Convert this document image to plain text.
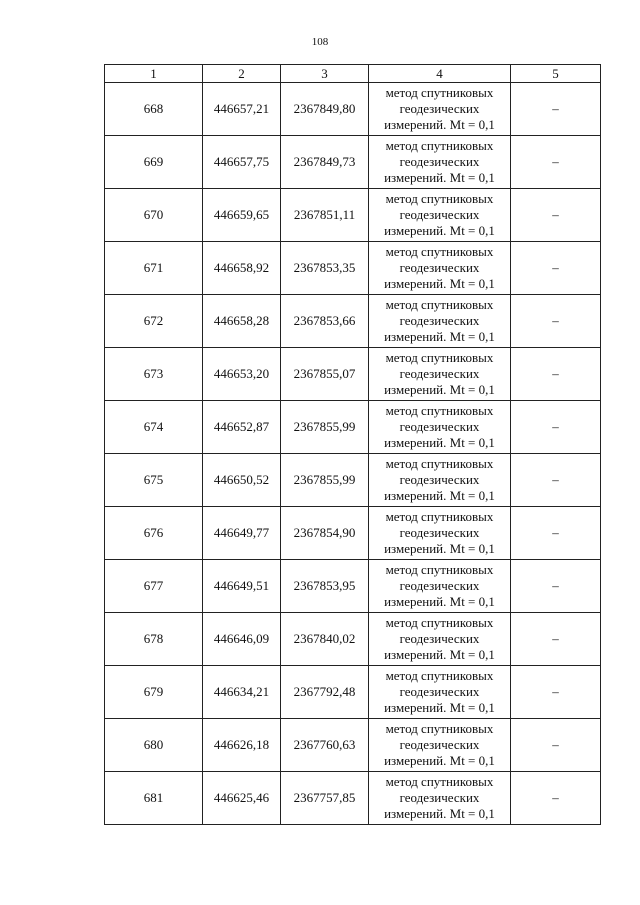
108
1	2	3	4	5
668	446657,21	2367849,80	метод спутниковых
геодезических
измерений. Mt = 0,1	–
669	446657,75	2367849,73	метод спутниковых
геодезических
измерений. Mt = 0,1	–
670	446659,65	2367851,11	метод спутниковых
геодезических
измерений. Mt = 0,1	–
671	446658,92	2367853,35	метод спутниковых
геодезических
измерений. Mt = 0,1	–
672	446658,28	2367853,66	метод спутниковых
геодезических
измерений. Mt = 0,1	–
673	446653,20	2367855,07	метод спутниковых
геодезических
измерений. Mt = 0,1	–
674	446652,87	2367855,99	метод спутниковых
геодезических
измерений. Mt = 0,1	–
675	446650,52	2367855,99	метод спутниковых
геодезических
измерений. Mt = 0,1	–
676	446649,77	2367854,90	метод спутниковых
геодезических
измерений. Mt = 0,1	–
677	446649,51	2367853,95	метод спутниковых
геодезических
измерений. Mt = 0,1	–
678	446646,09	2367840,02	метод спутниковых
геодезических
измерений. Mt = 0,1	–
679	446634,21	2367792,48	метод спутниковых
геодезических
измерений. Mt = 0,1	–
680	446626,18	2367760,63	метод спутниковых
геодезических
измерений. Mt = 0,1	–
681	446625,46	2367757,85	метод спутниковых
геодезических
измерений. Mt = 0,1	–
